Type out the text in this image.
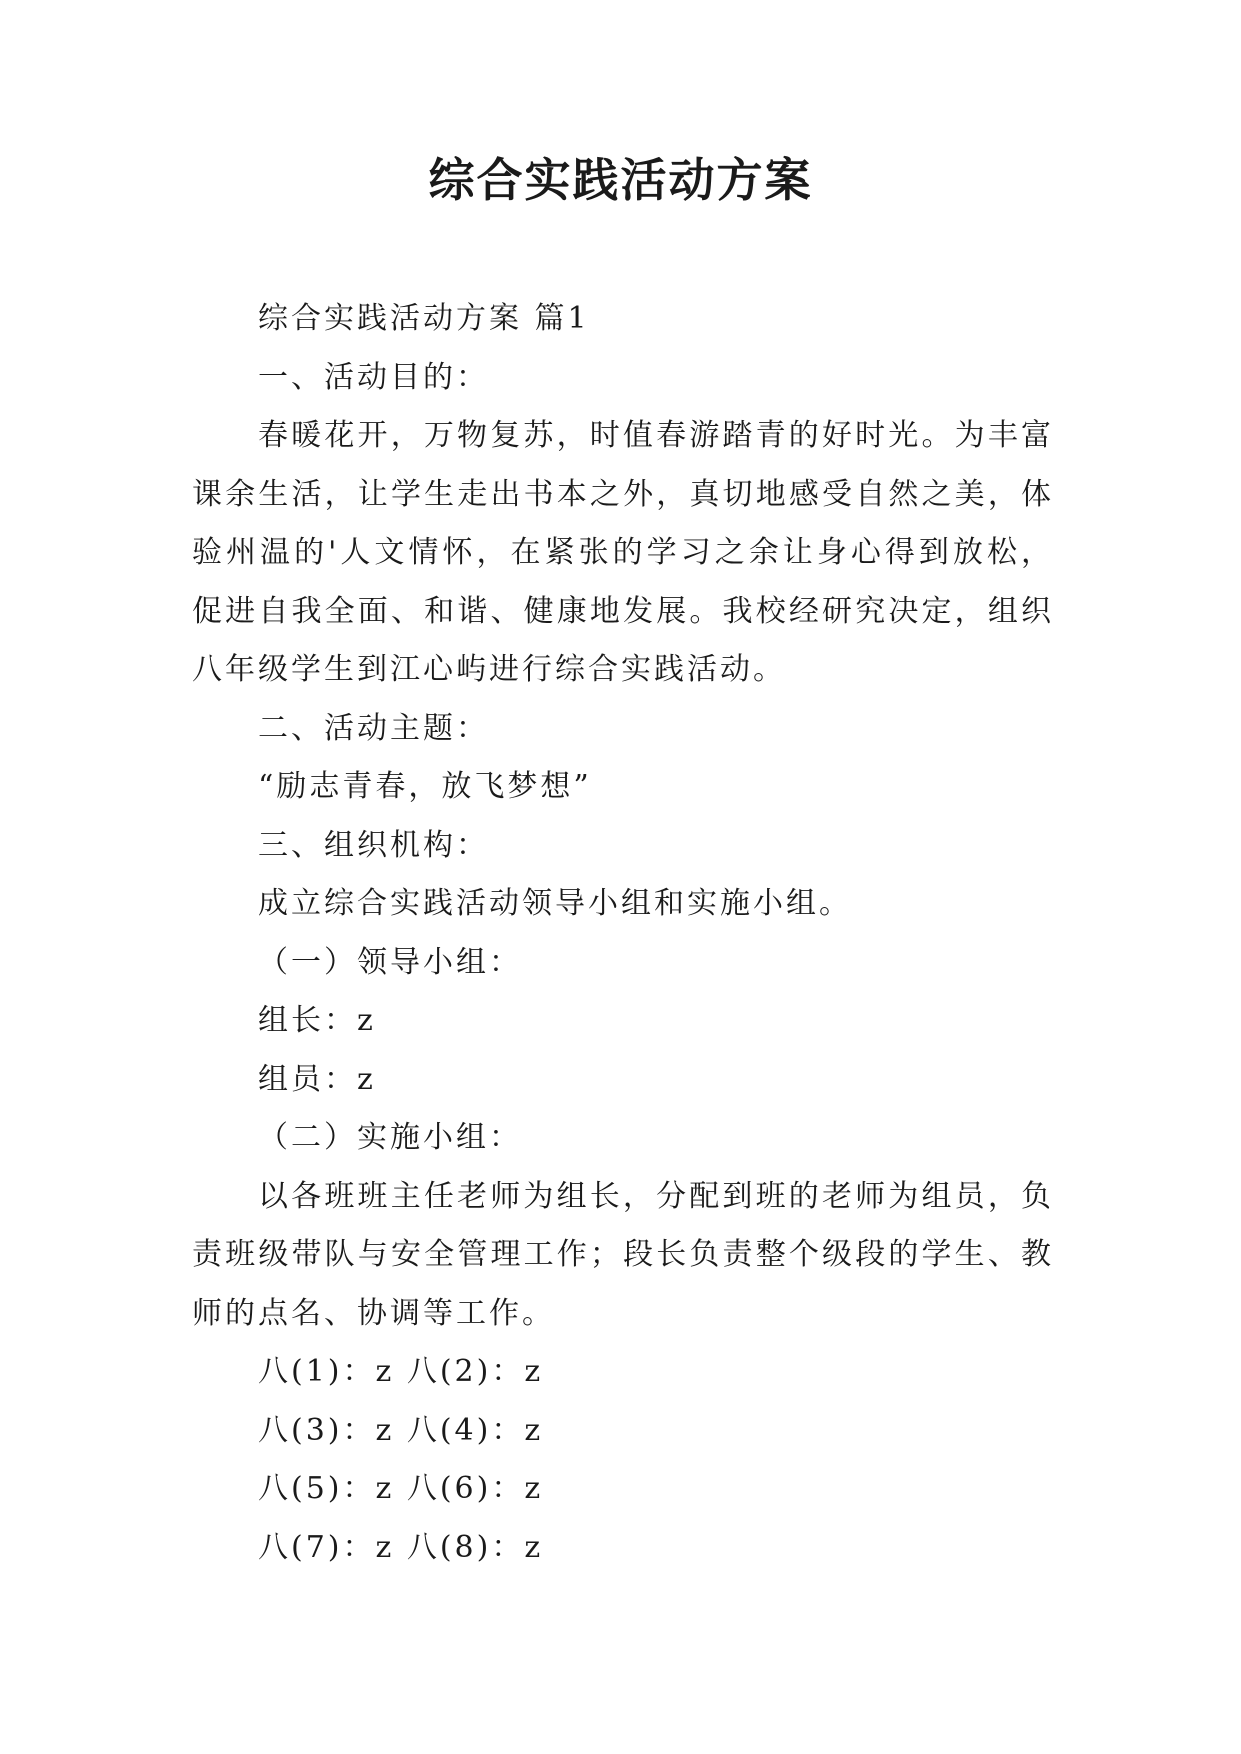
综合实践活动方案

综合实践活动方案 篇1

一、活动目的：

春暖花开，万物复苏，时值春游踏青的好时光。为丰富课余生活，让学生走出书本之外，真切地感受自然之美，体验州温的'人文情怀，在紧张的学习之余让身心得到放松，促进自我全面、和谐、健康地发展。我校经研究决定，组织八年级学生到江心屿进行综合实践活动。

二、活动主题：

“励志青春，放飞梦想”

三、组织机构：

成立综合实践活动领导小组和实施小组。

（一）领导小组：

组长：z

组员：z

（二）实施小组：

以各班班主任老师为组长，分配到班的老师为组员，负责班级带队与安全管理工作；段长负责整个级段的学生、教师的点名、协调等工作。

八(1)：z 八(2)：z

八(3)：z 八(4)：z

八(5)：z 八(6)：z

八(7)：z 八(8)：z
